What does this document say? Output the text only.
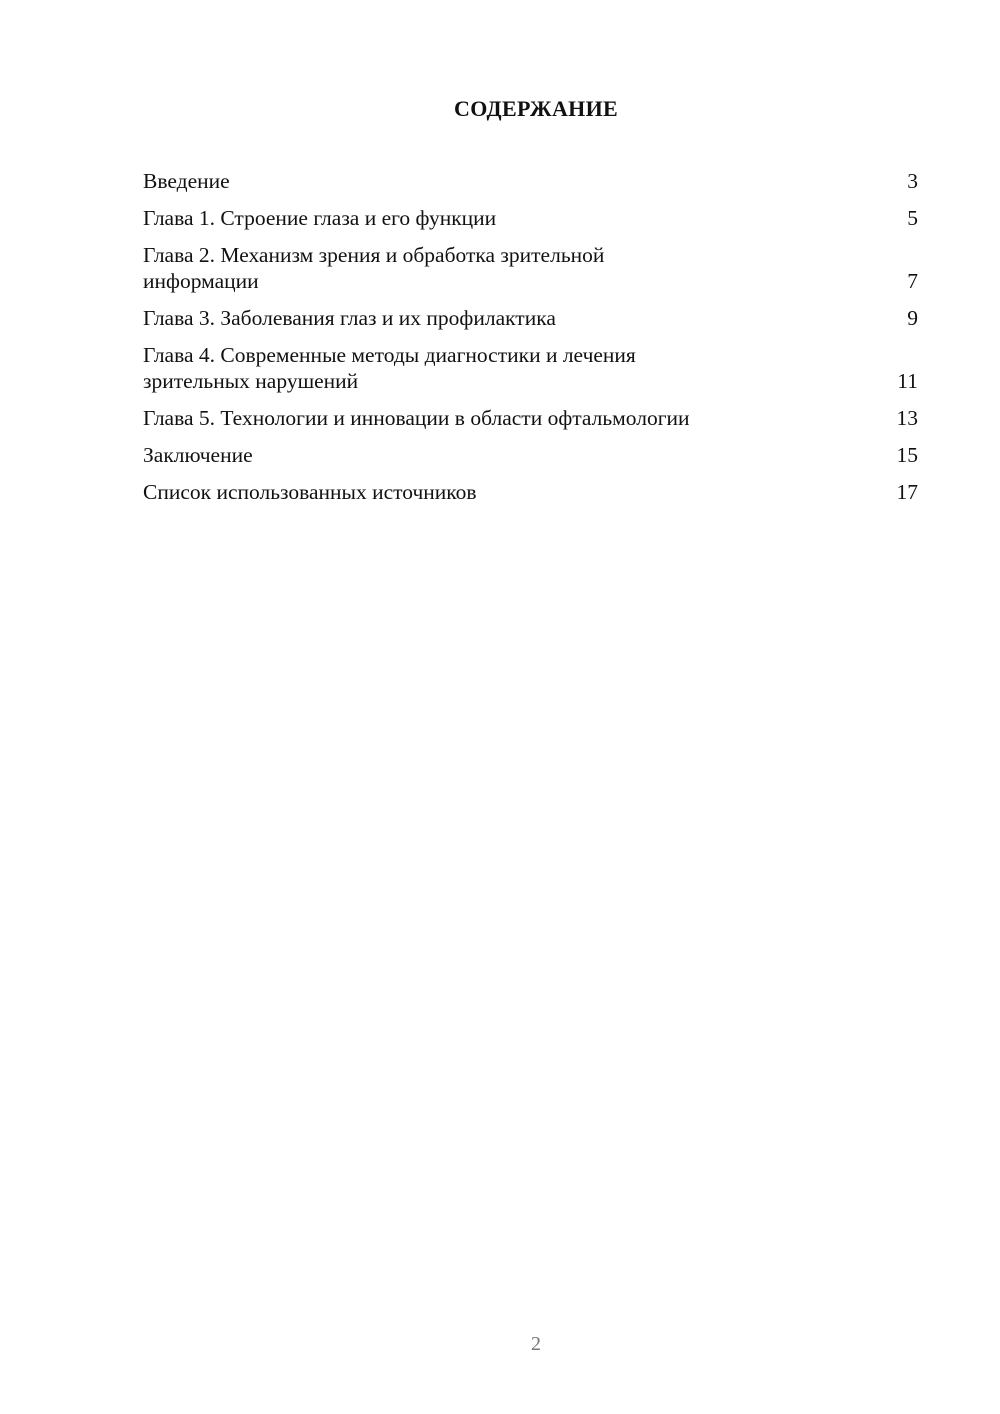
СОДЕРЖАНИЕ
Введение	3
Глава 1. Строение глаза и его функции	5
Глава 2. Механизм зрения и обработка зрительной
информации	7
Глава 3. Заболевания глаз и их профилактика	9
Глава 4. Современные методы диагностики и лечения
зрительных нарушений	11
Глава 5. Технологии и инновации в области офтальмологии	13
Заключение	15
Список использованных источников	17
2
